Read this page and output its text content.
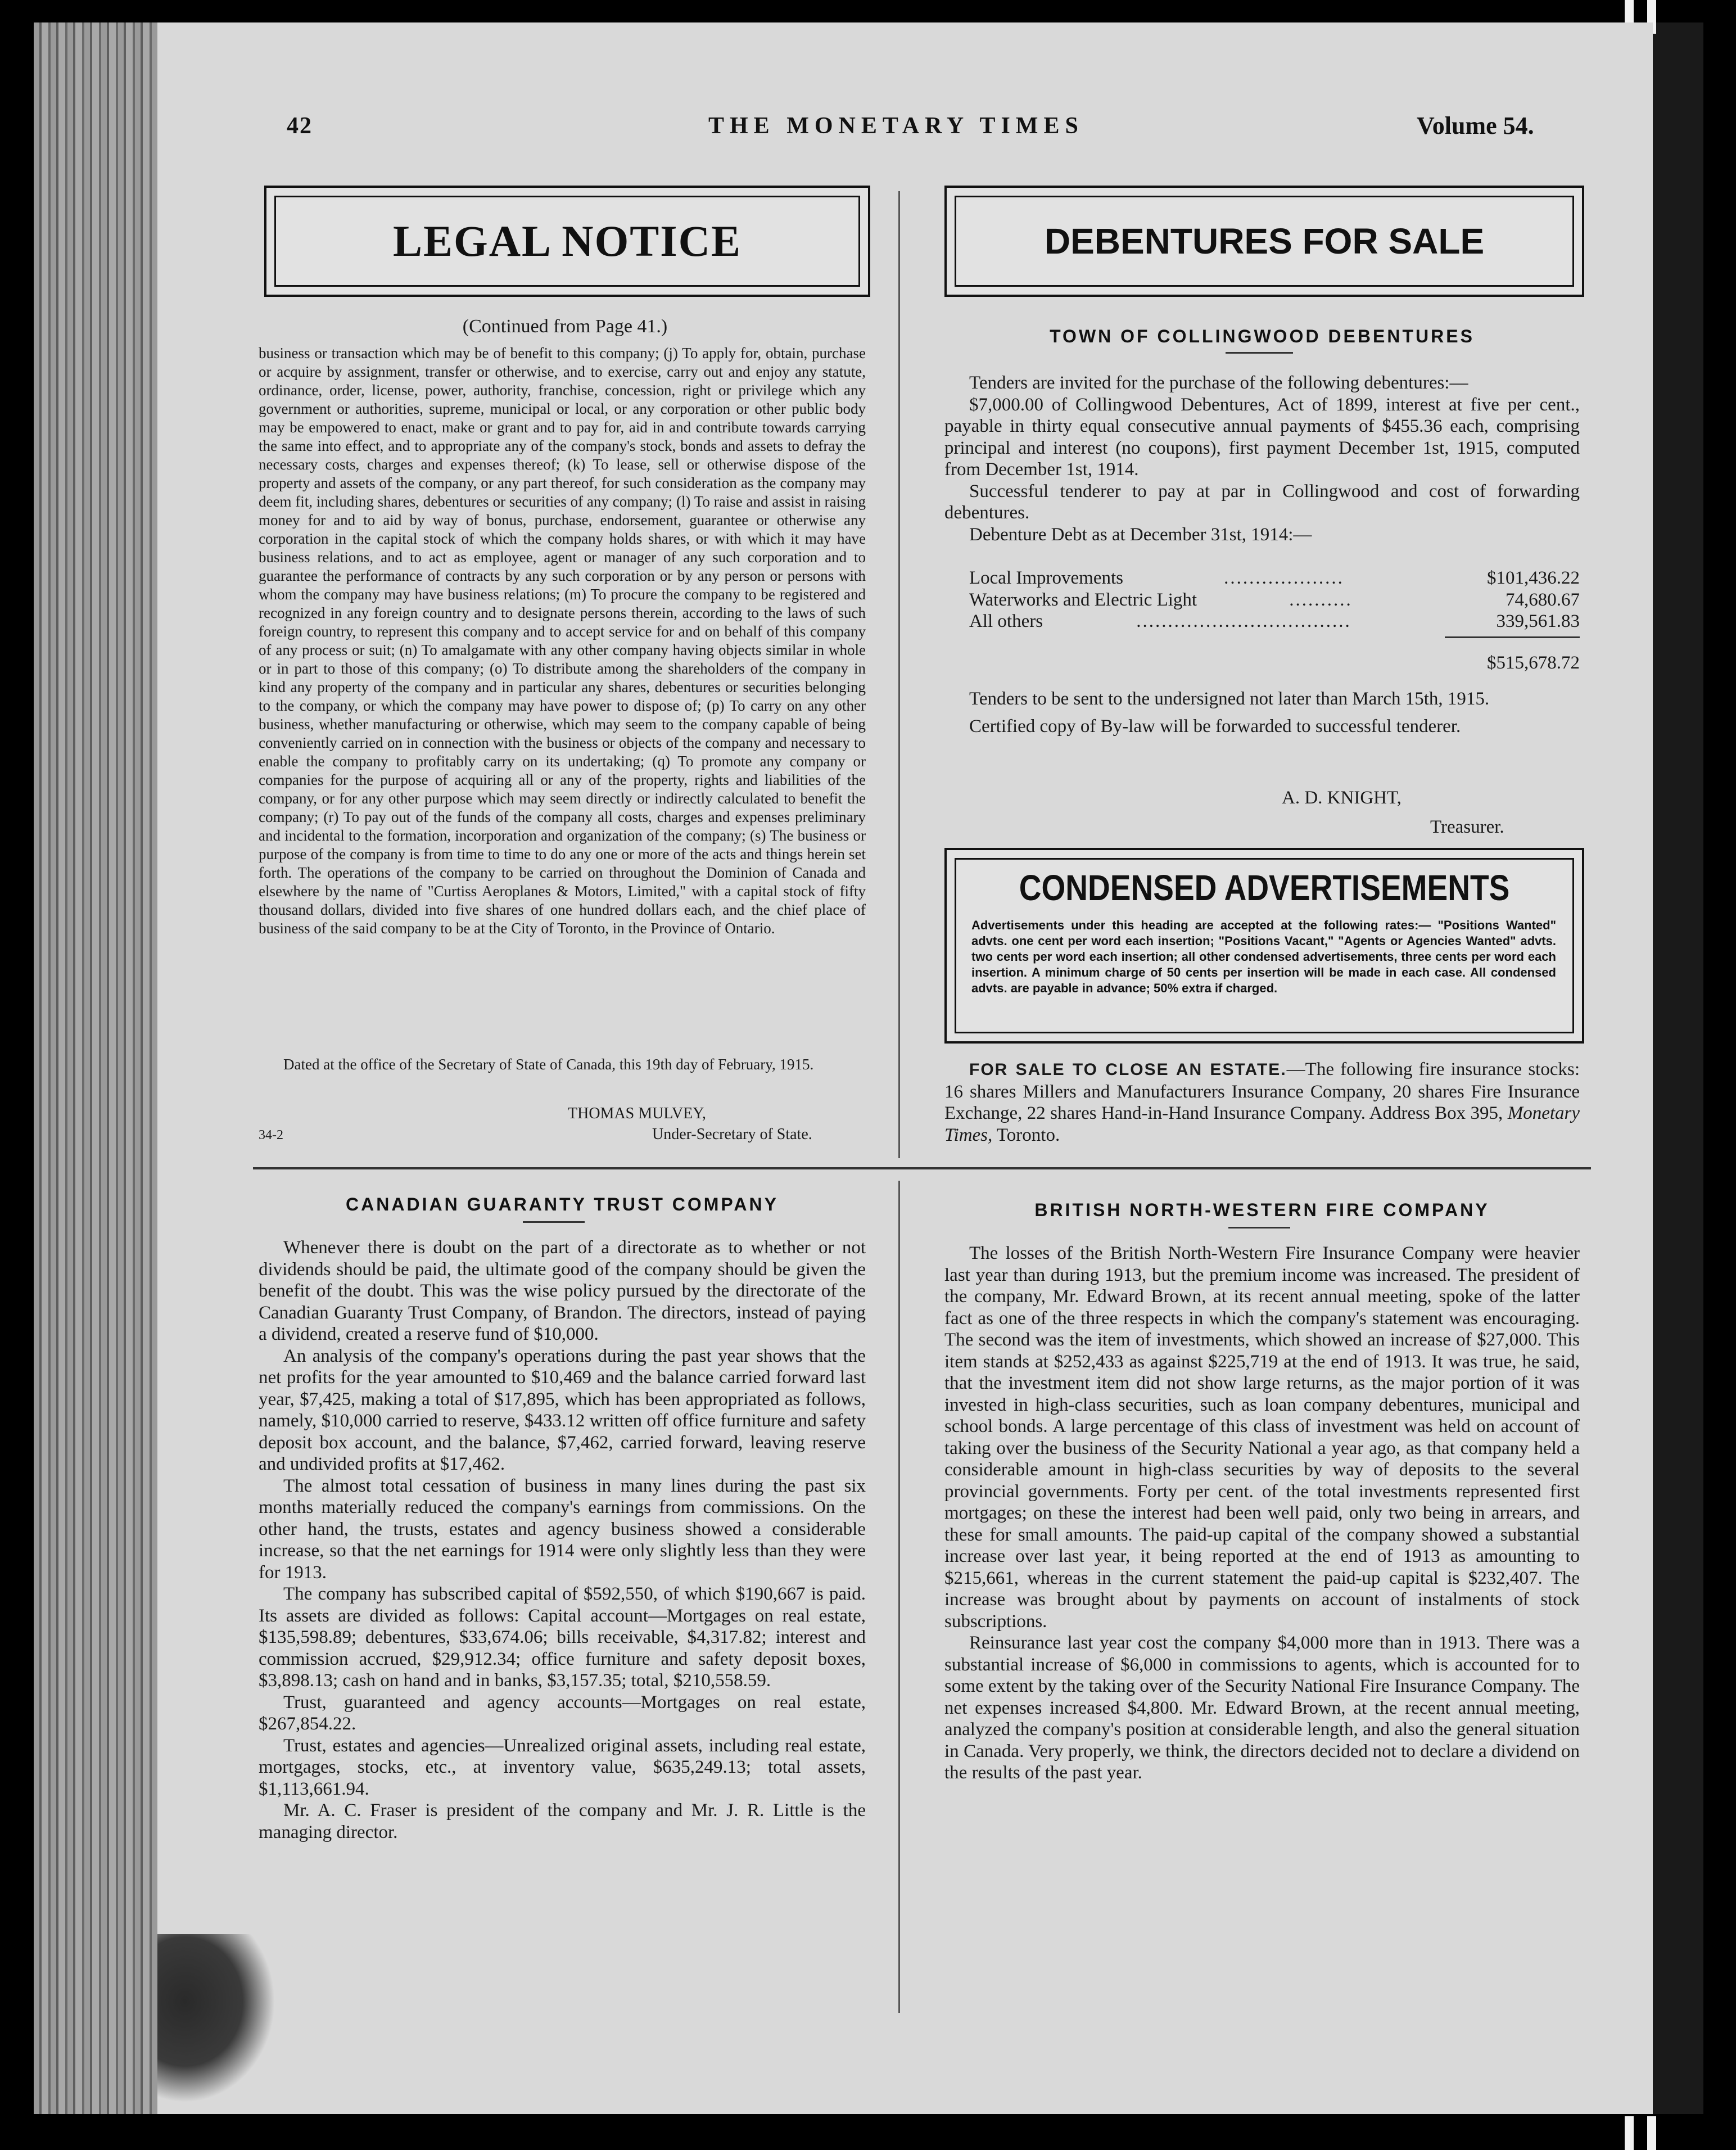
42	THE MONETARY TIMES	Volume 54.
LEGAL NOTICE
(Continued from Page 41.)
business or transaction which may be of benefit to this company; (j) To apply for, obtain, purchase or acquire by assignment, transfer or otherwise, and to exercise, carry out and enjoy any statute, ordinance, order, license, power, authority, franchise, concession, right or privilege which any government or authorities, supreme, municipal or local, or any corporation or other public body may be empowered to enact, make or grant and to pay for, aid in and contribute towards carrying the same into effect, and to appropriate any of the company's stock, bonds and assets to defray the necessary costs, charges and expenses thereof; (k) To lease, sell or otherwise dispose of the property and assets of the company, or any part thereof, for such consideration as the company may deem fit, including shares, debentures or securities of any company; (l) To raise and assist in raising money for and to aid by way of bonus, purchase, endorsement, guarantee or otherwise any corporation in the capital stock of which the company holds shares, or with which it may have business relations, and to act as employee, agent or manager of any such corporation and to guarantee the performance of contracts by any such corporation or by any person or persons with whom the company may have business relations; (m) To procure the company to be registered and recognized in any foreign country and to designate persons therein, according to the laws of such foreign country, to represent this company and to accept service for and on behalf of this company of any process or suit; (n) To amalgamate with any other company having objects similar in whole or in part to those of this company; (o) To distribute among the shareholders of the company in kind any property of the company and in particular any shares, debentures or securities belonging to the company, or which the company may have power to dispose of; (p) To carry on any other business, whether manufacturing or otherwise, which may seem to the company capable of being conveniently carried on in connection with the business or objects of the company and necessary to enable the company to profitably carry on its undertaking; (q) To promote any company or companies for the purpose of acquiring all or any of the property, rights and liabilities of the company, or for any other purpose which may seem directly or indirectly calculated to benefit the company; (r) To pay out of the funds of the company all costs, charges and expenses preliminary and incidental to the formation, incorporation and organization of the company; (s) The business or purpose of the company is from time to time to do any one or more of the acts and things herein set forth. The operations of the company to be carried on throughout the Dominion of Canada and elsewhere by the name of "Curtiss Aeroplanes & Motors, Limited," with a capital stock of fifty thousand dollars, divided into five shares of one hundred dollars each, and the chief place of business of the said company to be at the City of Toronto, in the Province of Ontario.
Dated at the office of the Secretary of State of Canada, this 19th day of February, 1915.
THOMAS MULVEY,
34-2	Under-Secretary of State.
DEBENTURES FOR SALE
TOWN OF COLLINGWOOD DEBENTURES

Tenders are invited for the purchase of the following debentures:—

$7,000.00 of Collingwood Debentures, Act of 1899, interest at five per cent., payable in thirty equal consecutive annual payments of $455.36 each, comprising principal and interest (no coupons), first payment December 1st, 1915, computed from December 1st, 1914.

Successful tenderer to pay at par in Collingwood and cost of forwarding debentures.

Debenture Debt as at December 31st, 1914:—

Local Improvements	...................	$101,436.22
Waterworks and Electric Light	..........	74,680.67
All others	..................................	339,561.83
$515,678.72

Tenders to be sent to the undersigned not later than March 15th, 1915.

Certified copy of By-law will be forwarded to successful tenderer.

A. D. KNIGHT,
Treasurer.
CONDENSED ADVERTISEMENTS
Advertisements under this heading are accepted at the following rates:— "Positions Wanted" advts. one cent per word each insertion; "Positions Vacant," "Agents or Agencies Wanted" advts. two cents per word each insertion; all other condensed advertisements, three cents per word each insertion. A minimum charge of 50 cents per insertion will be made in each case. All condensed advts. are payable in advance; 50% extra if charged.

FOR SALE TO CLOSE AN ESTATE.—The following fire insurance stocks: 16 shares Millers and Manufacturers Insurance Company, 20 shares Fire Insurance Exchange, 22 shares Hand-in-Hand Insurance Company. Address Box 395, Monetary Times, Toronto.

CANADIAN GUARANTY TRUST COMPANY

Whenever there is doubt on the part of a directorate as to whether or not dividends should be paid, the ultimate good of the company should be given the benefit of the doubt. This was the wise policy pursued by the directorate of the Canadian Guaranty Trust Company, of Brandon. The directors, instead of paying a dividend, created a reserve fund of $10,000.

An analysis of the company's operations during the past year shows that the net profits for the year amounted to $10,469 and the balance carried forward last year, $7,425, making a total of $17,895, which has been appropriated as follows, namely, $10,000 carried to reserve, $433.12 written off office furniture and safety deposit box account, and the balance, $7,462, carried forward, leaving reserve and undivided profits at $17,462.

The almost total cessation of business in many lines during the past six months materially reduced the company's earnings from commissions. On the other hand, the trusts, estates and agency business showed a considerable increase, so that the net earnings for 1914 were only slightly less than they were for 1913.

The company has subscribed capital of $592,550, of which $190,667 is paid. Its assets are divided as follows: Capital account—Mortgages on real estate, $135,598.89; debentures, $33,674.06; bills receivable, $4,317.82; interest and commission accrued, $29,912.34; office furniture and safety deposit boxes, $3,898.13; cash on hand and in banks, $3,157.35; total, $210,558.59.

Trust, guaranteed and agency accounts—Mortgages on real estate, $267,854.22.

Trust, estates and agencies—Unrealized original assets, including real estate, mortgages, stocks, etc., at inventory value, $635,249.13; total assets, $1,113,661.94.

Mr. A. C. Fraser is president of the company and Mr. J. R. Little is the managing director.

BRITISH NORTH-WESTERN FIRE COMPANY

The losses of the British North-Western Fire Insurance Company were heavier last year than during 1913, but the premium income was increased. The president of the company, Mr. Edward Brown, at its recent annual meeting, spoke of the latter fact as one of the three respects in which the company's statement was encouraging. The second was the item of investments, which showed an increase of $27,000. This item stands at $252,433 as against $225,719 at the end of 1913. It was true, he said, that the investment item did not show large returns, as the major portion of it was invested in high-class securities, such as loan company debentures, municipal and school bonds. A large percentage of this class of investment was held on account of taking over the business of the Security National a year ago, as that company held a considerable amount in high-class securities by way of deposits to the several provincial governments. Forty per cent. of the total investments represented first mortgages; on these the interest had been well paid, only two being in arrears, and these for small amounts. The paid-up capital of the company showed a substantial increase over last year, it being reported at the end of 1913 as amounting to $215,661, whereas in the current statement the paid-up capital is $232,407. The increase was brought about by payments on account of instalments of stock subscriptions.

Reinsurance last year cost the company $4,000 more than in 1913. There was a substantial increase of $6,000 in commissions to agents, which is accounted for to some extent by the taking over of the Security National Fire Insurance Company. The net expenses increased $4,800. Mr. Edward Brown, at the recent annual meeting, analyzed the company's position at considerable length, and also the general situation in Canada. Very properly, we think, the directors decided not to declare a dividend on the results of the past year.
